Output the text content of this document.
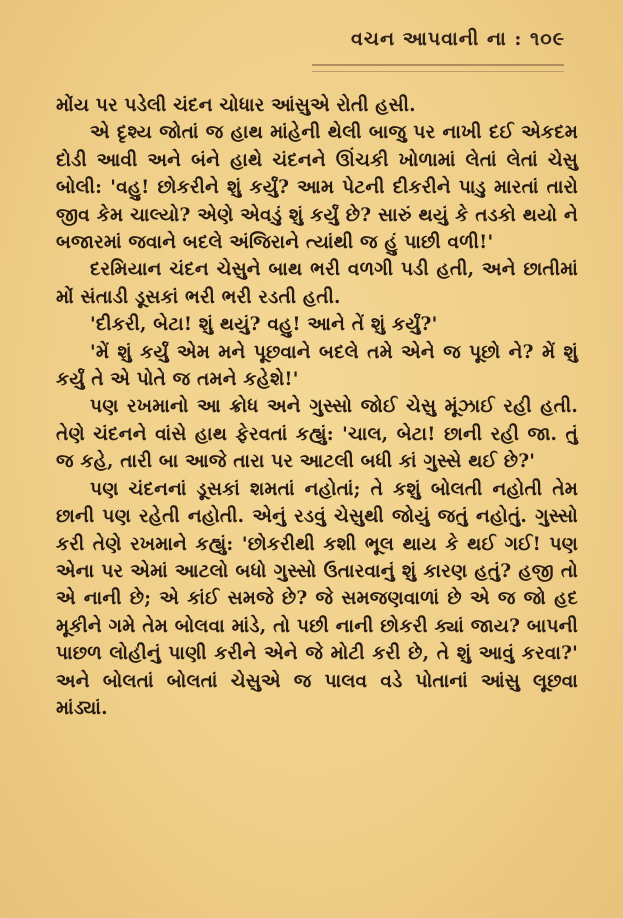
વચન આપવાની ના : ૧૦૯

મોંય પર પડેલી ચંદન ચોધાર આંસુએ રોતી હસી.

એ દૃશ્ય જોતાં જ હાથ માંહેની થેલી બાજુ પર નાખી દઈ એકદમ દોડી આવી અને બંને હાથે ચંદનને ઊંચકી ખોળામાં લેતાં લેતાં ચેસુ બોલી: 'વહુ! છોકરીને શું કર્યું? આમ પેટની દીકરીને પાડુ મારતાં તારો જીવ કેમ ચાલ્યો? એણે એવડું શું કર્યું છે? સારું થયું કે તડકો થયો ને બજારમાં જવાને બદલે અંજિરાને ત્યાંથી જ હું પાછી વળી!'

દરમિયાન ચંદન ચેસુને બાથ ભરી વળગી પડી હતી, અને છાતીમાં મોં સંતાડી ડૂસકાં ભરી ભરી રડતી હતી.

'દીકરી, બેટા! શું થયું? વહુ! આને તેં શું કર્યું?'

'મેં શું કર્યું એમ મને પૂછવાને બદલે તમે એને જ પૂછો ને? મેં શું કર્યું તે એ પોતે જ તમને કહેશે!'

પણ રખમાનો આ ક્રોધ અને ગુસ્સો જોઈ ચેસુ મૂંઝાઈ રહી હતી. તેણે ચંદનને વાંસે હાથ ફેરવતાં કહ્યું: 'ચાલ, બેટા! છાની રહી જા. તું જ કહે, તારી બા આજે તારા પર આટલી બધી કાં ગુસ્સે થઈ છે?'

પણ ચંદનનાં ડૂસકાં શમતાં નહોતાં; તે કશું બોલતી નહોતી તેમ છાની પણ રહેતી નહોતી. એનું રડવું ચેસુથી જોયું જતું નહોતું. ગુસ્સો કરી તેણે રખમાને કહ્યું: 'છોકરીથી કશી ભૂલ થાય કે થઈ ગઈ! પણ એના પર એમાં આટલો બધો ગુસ્સો ઉતારવાનું શું કારણ હતું? હજી તો એ નાની છે; એ કાંઈ સમજે છે? જે સમજણવાળાં છે એ જ જો હદ મૂકીને ગમે તેમ બોલવા માંડે, તો પછી નાની છોકરી ક્યાં જાય? બાપની પાછળ લોહીનું પાણી કરીને એને જે મોટી કરી છે, તે શું આવું કરવા?' અને બોલતાં બોલતાં ચેસુએ જ પાલવ વડે પોતાનાં આંસુ લૂછવા માંડ્યાં.
